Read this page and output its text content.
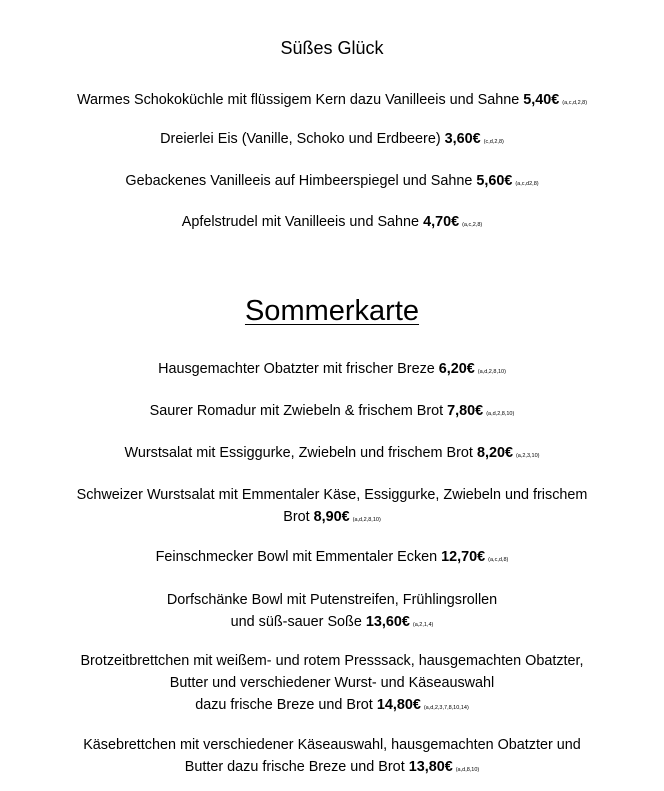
Süßes Glück
Warmes Schokoküchle mit flüssigem Kern dazu Vanilleeis und Sahne 5,40€ (a,c,d,2,8)
Dreierlei Eis (Vanille, Schoko und Erdbeere) 3,60€ (c,d,2,8)
Gebackenes Vanilleeis auf Himbeerspiegel und Sahne 5,60€ (a,c,d2,8)
Apfelstrudel mit Vanilleeis und Sahne 4,70€ (a,c,2,8)
Sommerkarte
Hausgemachter Obatzter mit frischer Breze 6,20€ (a,d,2,8,10)
Saurer Romadur mit Zwiebeln & frischem Brot 7,80€ (a,d,2,8,10)
Wurstsalat mit Essiggurke, Zwiebeln und frischem Brot 8,20€ (a,2,3,10)
Schweizer Wurstsalat mit Emmentaler Käse, Essiggurke, Zwiebeln und frischem
Brot 8,90€ (a,d,2,8,10)
Feinschmecker Bowl mit Emmentaler Ecken 12,70€ (a,c,d,8)
Dorfschänke Bowl mit Putenstreifen, Frühlingsrollen
und süß-sauer Soße 13,60€ (a,2,1,4)
Brotzeitbrettchen mit weißem- und rotem Presssack, hausgemachten Obatzter,
Butter und verschiedener Wurst- und Käseauswahl
dazu frische Breze und Brot 14,80€ (a,d,2,3,7,8,10,14)
Käsebrettchen mit verschiedener Käseauswahl, hausgemachten Obatzter und
Butter dazu frische Breze und Brot 13,80€ (a,d,8,10)
